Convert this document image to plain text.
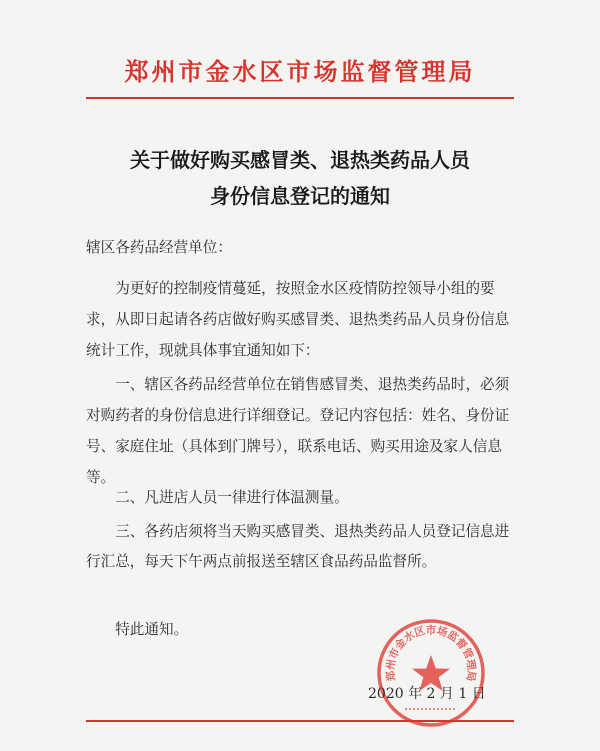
郑州市金水区市场监督管理局
关于做好购买感冒类、退热类药品人员
身份信息登记的通知
辖区各药品经营单位：

为更好的控制疫情蔓延，按照金水区疫情防控领导小组的要求，从即日起请各药店做好购买感冒类、退热类药品人员身份信息统计工作，现就具体事宜通知如下：

一、辖区各药品经营单位在销售感冒类、退热类药品时，必须对购药者的身份信息进行详细登记。登记内容包括：姓名、身份证号、家庭住址（具体到门牌号），联系电话、购买用途及家人信息等。

二、凡进店人员一律进行体温测量。

三、各药店须将当天购买感冒类、退热类药品人员登记信息进行汇总，每天下午两点前报送至辖区食品药品监督所。

特此通知。

郑州市金水区市场监督管理局
2020 年 2 月 1 日
